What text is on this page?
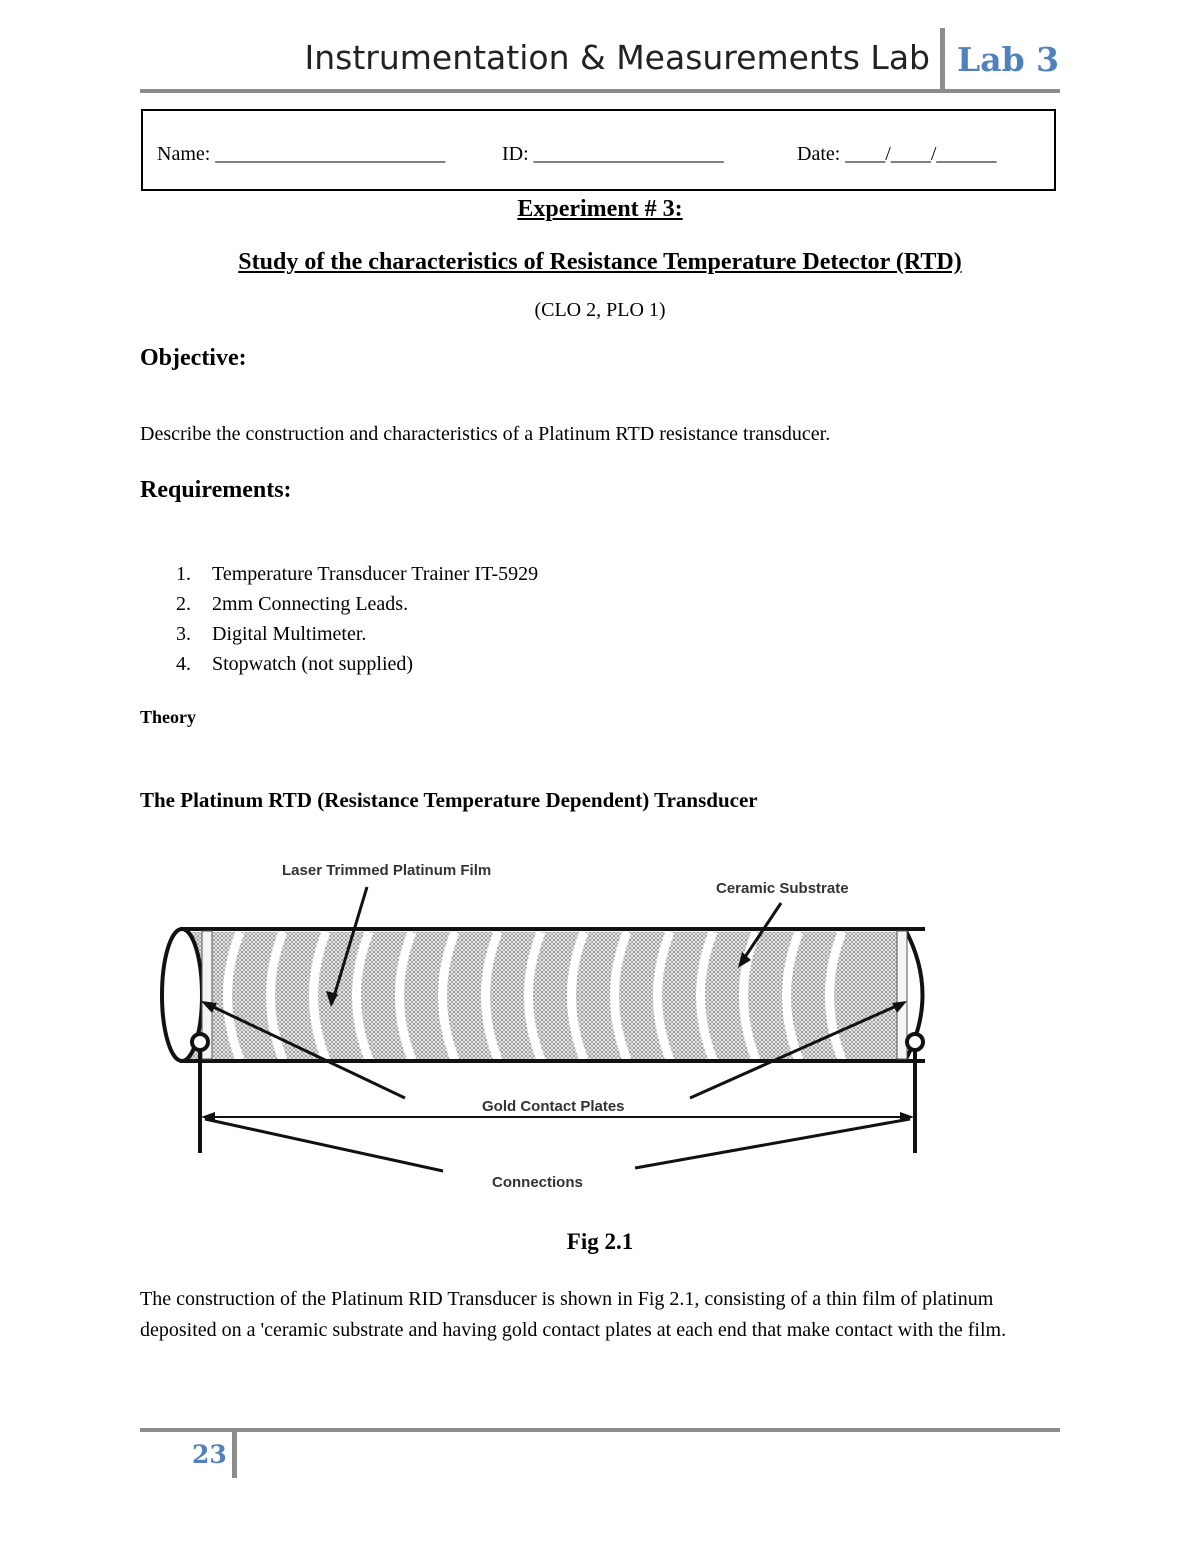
Instrumentation & Measurements Lab Lab 3
Name: _______________________	ID: ___________________	Date: ____/____/______
Experiment # 3:
Study of the characteristics of Resistance Temperature Detector (RTD)
(CLO 2, PLO 1)
Objective:
Describe the construction and characteristics of a Platinum RTD resistance transducer.
Requirements:
1. Temperature Transducer Trainer IT-5929
2. 2mm Connecting Leads.
3. Digital Multimeter.
4. Stopwatch (not supplied)
Theory
The Platinum RTD (Resistance Temperature Dependent) Transducer
Laser Trimmed Platinum Film
Ceramic Substrate
Gold Contact Plates
Connections
Fig 2.1
The construction of the Platinum RID Transducer is shown in Fig 2.1, consisting of a thin film of platinum deposited on a 'ceramic substrate and having gold contact plates at each end that make contact with the film.
23
